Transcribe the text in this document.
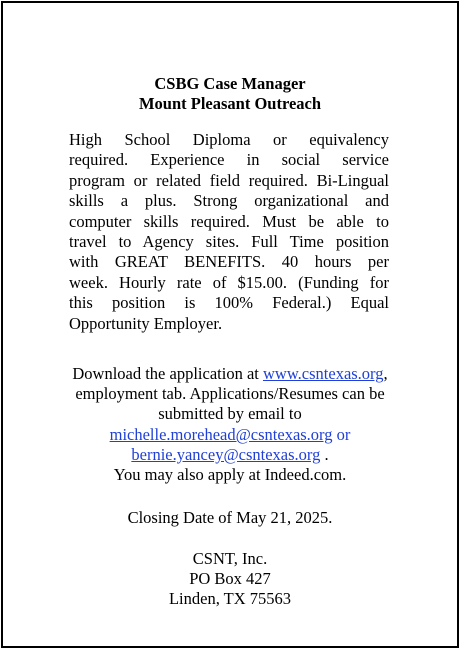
CSBG Case Manager
Mount Pleasant Outreach
High School Diploma or equivalency
required. Experience in social service
program or related field required. Bi-Lingual
skills a plus. Strong organizational and
computer skills required. Must be able to
travel to Agency sites. Full Time position
with GREAT BENEFITS. 40 hours per
week. Hourly rate of $15.00. (Funding for
this position is 100% Federal.) Equal
Opportunity Employer.
Download the application at www.csntexas.org,
employment tab. Applications/Resumes can be
submitted by email to
michelle.morehead@csntexas.org or
bernie.yancey@csntexas.org .
You may also apply at Indeed.com.
Closing Date of May 21, 2025.
CSNT, Inc.
PO Box 427
Linden, TX 75563
